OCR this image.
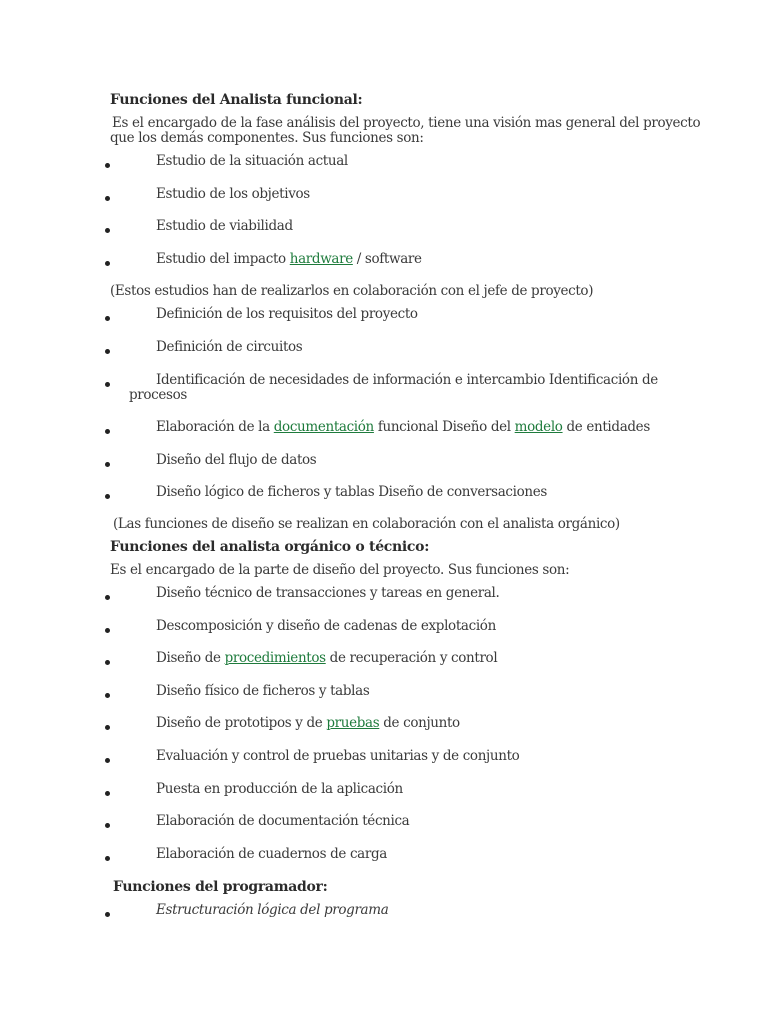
Funciones del Analista funcional:
Es el encargado de la fase análisis del proyecto, tiene una visión mas general del proyecto
que los demás componentes. Sus funciones son:
Estudio de la situación actual
Estudio de los objetivos
Estudio de viabilidad
Estudio del impacto hardware / software
(Estos estudios han de realizarlos en colaboración con el jefe de proyecto)
Definición de los requisitos del proyecto
Definición de circuitos
Identificación de necesidades de información e intercambio Identificación de
procesos
Elaboración de la documentación funcional Diseño del modelo de entidades
Diseño del flujo de datos
Diseño lógico de ficheros y tablas Diseño de conversaciones
(Las funciones de diseño se realizan en colaboración con el analista orgánico)
Funciones del analista orgánico o técnico:
Es el encargado de la parte de diseño del proyecto. Sus funciones son:
Diseño técnico de transacciones y tareas en general.
Descomposición y diseño de cadenas de explotación
Diseño de procedimientos de recuperación y control
Diseño físico de ficheros y tablas
Diseño de prototipos y de pruebas de conjunto
Evaluación y control de pruebas unitarias y de conjunto
Puesta en producción de la aplicación
Elaboración de documentación técnica
Elaboración de cuadernos de carga
Funciones del programador:
Estructuración lógica del programa
